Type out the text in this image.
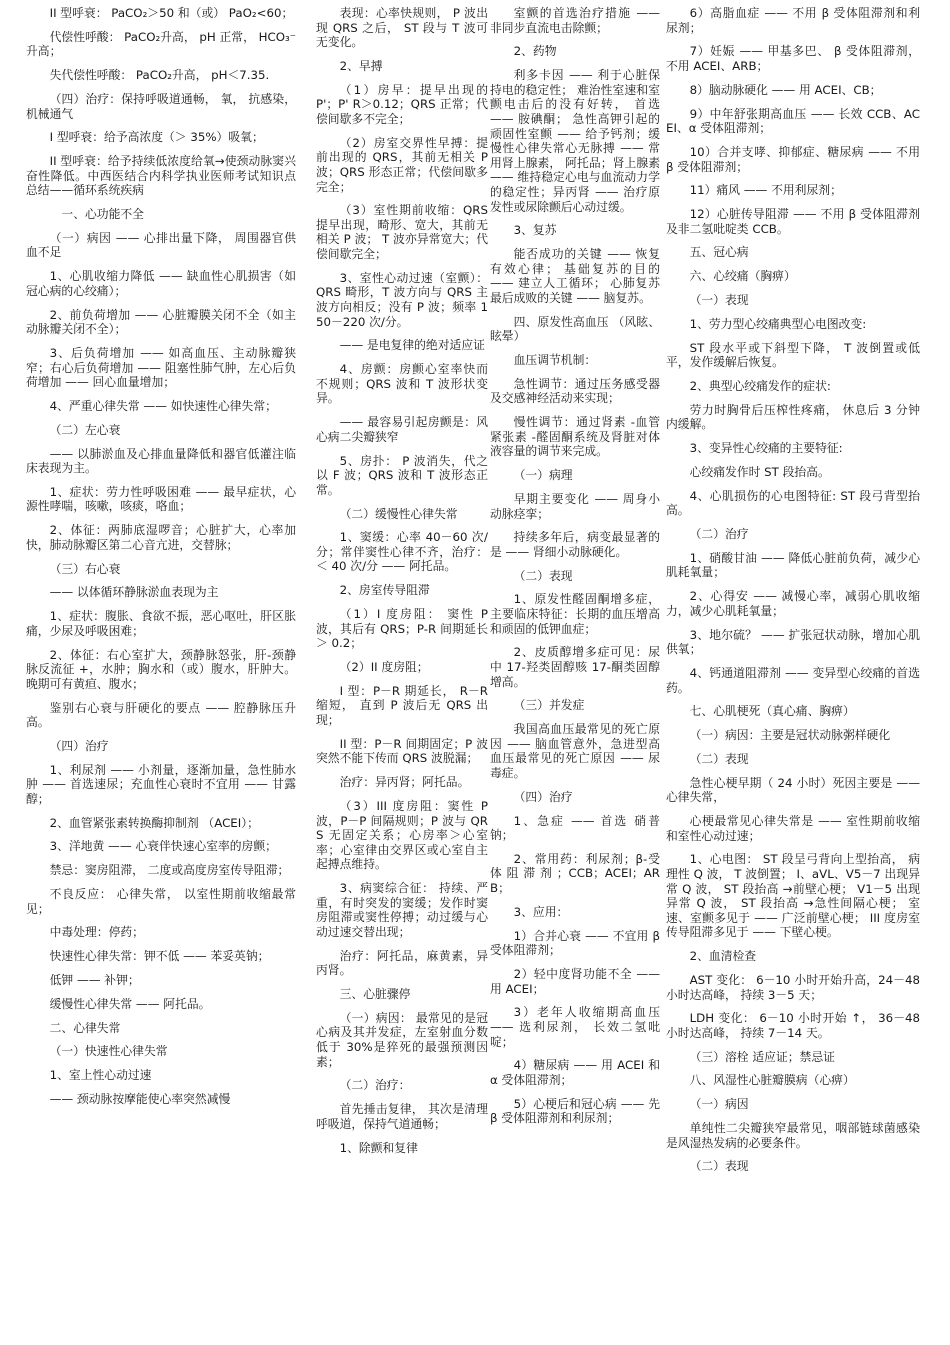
II 型呼衰： PaCO₂＞50 和（或） PaO₂<60；

代偿性呼酸： PaCO₂升高， pH 正常， HCO₃⁻升高；

失代偿性呼酸： PaCO₂升高， pH＜7.35.

（四）治疗：保持呼吸道通畅， 氧， 抗感染， 机械通气

I 型呼衰：给予高浓度（＞ 35%）吸氧；

II 型呼衰：给予持续低浓度给氧→使颈动脉窦兴奋性降低。中西医结合内科学执业医师考试知识点总结——循环系统疾病

一、心功能不全

（一）病因 —— 心排出量下降， 周围器官供血不足

1、心肌收缩力降低 —— 缺血性心肌损害（如冠心病的心绞痛）；

2、前负荷增加 —— 心脏瓣膜关闭不全（如主动脉瓣关闭不全）；

3、后负荷增加 —— 如高血压、主动脉瓣狭窄；右心后负荷增加 —— 阻塞性肺气肿，左心后负荷增加 —— 回心血量增加；

4、严重心律失常 —— 如快速性心律失常；

（二）左心衰

—— 以肺淤血及心排血量降低和器官低灌注临床表现为主。

1、症状：劳力性呼吸困难 —— 最早症状，心源性哮喘，咳嗽，咳痰，咯血；

2、体征：两肺底湿啰音；心脏扩大，心率加快，肺动脉瓣区第二心音亢进，交替脉；

（三）右心衰

—— 以体循环静脉淤血表现为主

1、症状：腹胀、食欲不振，恶心呕吐，肝区胀痛，少尿及呼吸困难；

2、体征：右心室扩大，颈静脉怒张，肝-颈静脉反流征 +，水肿；胸水和（或）腹水，肝肿大。晚期可有黄疸、腹水；

鉴别右心衰与肝硬化的要点 —— 腔静脉压升高。

（四）治疗

1、利尿剂 —— 小剂量，逐渐加量，急性肺水肿 —— 首选速尿；充血性心衰时不宜用 —— 甘露醇；

2、血管紧张素转换酶抑制剂 （ACEI）；

3、洋地黄 —— 心衰伴快速心室率的房颤；

禁忌：窦房阻滞， 二度或高度房室传导阻滞；

不良反应： 心律失常， 以室性期前收缩最常见；

中毒处理：停药；

快速性心律失常：钾不低 —— 苯妥英钠；

低钾 —— 补钾；

缓慢性心律失常 —— 阿托品。

二、心律失常

（一）快速性心律失常

1、室上性心动过速

—— 颈动脉按摩能使心率突然减慢

表现：心率快规则， P 波出现 QRS 之后， ST 段与 T 波可无变化。

2、早搏

（1）房早：提早出现的 P'；P' R＞0.12；QRS 正常；代偿间歇多不完全；

（2）房室交界性早搏：提前出现的 QRS，其前无相关 P 波；QRS 形态正常；代偿间歇多完全；

（3）室性期前收缩：QRS 提早出现，畸形、宽大，其前无相关 P 波； T 波亦异常宽大；代偿间歇完全；

3、室性心动过速（室颤）：QRS 畸形，T 波方向与 QRS 主波方向相反；没有 P 波；频率 150－220 次/分。

—— 是电复律的绝对适应证

4、房颤：房颤心室率快而不规则；QRS 波和 T 波形状变异。

—— 最容易引起房颤是：风心病二尖瓣狭窄

5、房扑： P 波消失，代之以 F 波；QRS 波和 T 波形态正常。

（二）缓慢性心律失常

1、窦缓：心率 40－60 次/分；常伴窦性心律不齐，治疗：＜ 40 次/分 —— 阿托品。

2、房室传导阻滞

（1）I 度房阻： 窦性 P 波，其后有 QRS；P-R 间期延长＞ 0.2；

（2）II 度房阻；

I 型：P－R 期延长， R－R 缩短， 直到 P 波后无 QRS 出现；

II 型：P－R 间期固定；P 波突然不能下传而 QRS 波脱漏；

治疗：异丙肾；阿托品。

（3）III 度房阻：窦性 P 波，P－P 间隔规则；P 波与 QRS 无固定关系；心房率＞心室率；心室律由交界区或心室自主起搏点维持。

3、病窦综合征： 持续、严重，有时突发的窦缓；发作时窦房阻滞或窦性停搏；动过缓与心动过速交替出现；

治疗：阿托品，麻黄素，异丙肾。

三、心脏骤停

（一）病因： 最常见的是冠心病及其并发症，左室射血分数低于 30%是猝死的最强预测因素；

（二）治疗：

首先捶击复律， 其次是清理呼吸道，保持气道通畅；

1、除颤和复律

室颤的首选治疗措施 —— 非同步直流电击除颤；

2、药物

利多卡因 —— 利于心脏保持电的稳定性； 难治性室速和室颤电击后的没有好转， 首选 —— 胺碘酮； 急性高钾引起的顽固性室颤 —— 给予钙剂；缓慢性心律失常心无脉搏 —— 常用肾上腺素， 阿托品；肾上腺素 —— 维持稳定心电与血流动力学的稳定性；异丙肾 —— 治疗原发性或尿除颤后心动过缓。

3、复苏

能否成功的关键 —— 恢复有效心律； 基础复苏的目的 —— 建立人工循环； 心肺复苏最后成败的关键 —— 脑复苏。

四、原发性高血压 （风眩、眩晕）

血压调节机制：

急性调节：通过压务感受器及交感神经活动来实现；

慢性调节：通过肾素 -血管紧张素 -醛固酮系统及肾脏对体液容量的调节来完成。

（一）病理

早期主要变化 —— 周身小动脉痉挛；

持续多年后，病变最显著的是 —— 肾细小动脉硬化。

（二）表现

1、原发性醛固酮增多症，主要临床特征：长期的血压增高和顽固的低钾血症；

2、皮质醇增多症可见：尿中 17-羟类固醇赅 17-酮类固醇增高。

（三）并发症

我国高血压最常见的死亡原因 —— 脑血管意外，急进型高血压最常见的死亡原因 —— 尿毒症。

（四）治疗

1、急症 —— 首选 硝普钠；

2、常用药：利尿剂；β-受体阻滞剂；CCB；ACEI；ARB；

3、应用：

1）合并心衰 —— 不宜用 β 受体阻滞剂；

2）轻中度肾功能不全 —— 用 ACEI；

3）老年人收缩期高血压 —— 选利尿剂， 长效二氢吡啶；

4）糖尿病 —— 用 ACEI 和 α 受体阻滞剂；

5）心梗后和冠心病 —— 先 β 受体阻滞剂和利尿剂；

6）高脂血症 —— 不用 β 受体阻滞剂和利尿剂；

7）妊娠 —— 甲基多巴、 β 受体阻滞剂， 不用 ACEI、ARB；

8）脑动脉硬化 —— 用 ACEI、CB；

9）中年舒张期高血压 —— 长效 CCB、ACEI、α 受体阻滞剂；

10）合并支哮、抑郁症、糖尿病 —— 不用 β 受体阻滞剂；

11）痛风 —— 不用利尿剂；

12）心脏传导阻滞 —— 不用 β 受体阻滞剂及非二氢吡啶类 CCB。

五、冠心病

六、心绞痛（胸痹）

（一）表现

1、劳力型心绞痛典型心电图改变:

ST 段水平或下斜型下降， T 波倒置或低平，发作缓解后恢复。

2、典型心绞痛发作的症状:

劳力时胸骨后压榨性疼痛， 休息后 3 分钟内缓解。

3、变异性心绞痛的主要特征:

心绞痛发作时 ST 段抬高。

4、心肌损伤的心电图特征: ST 段弓背型抬高。

（二）治疗

1、硝酸甘油 —— 降低心脏前负荷，减少心肌耗氧量；

2、心得安 —— 减慢心率，减弱心肌收缩力，减少心肌耗氧量；

3、地尔硫？ —— 扩张冠状动脉，增加心肌供氧；

4、钙通道阻滞剂 —— 变异型心绞痛的首选药。

七、心肌梗死（真心痛、胸痹）

（一）病因：主要是冠状动脉粥样硬化

（二）表现

急性心梗早期（ 24 小时）死因主要是 —— 心律失常，

心梗最常见心律失常是 —— 室性期前收缩和室性心动过速；

1、心电图： ST 段呈弓背向上型抬高， 病理性 Q 波， T 波倒置； I、aVL、V5－7 出现异常 Q 波， ST 段抬高 →前壁心梗； V1－5 出现异常 Q 波， ST 段抬高 →急性间隔心梗； 室速、室颤多见于 —— 广泛前壁心梗； III 度房室传导阻滞多见于 —— 下壁心梗。

2、血清检查

AST 变化： 6－10 小时开始升高，24－48 小时达高峰， 持续 3－5 天；

LDH 变化： 6－10 小时开始 ↑， 36－48 小时达高峰， 持续 7－14 天。

（三）溶栓 适应证；禁忌证

八、风湿性心脏瓣膜病（心痹）

（一）病因

单纯性二尖瓣狭窄最常见，咽部链球菌感染是风湿热发病的必要条件。

（二）表现
